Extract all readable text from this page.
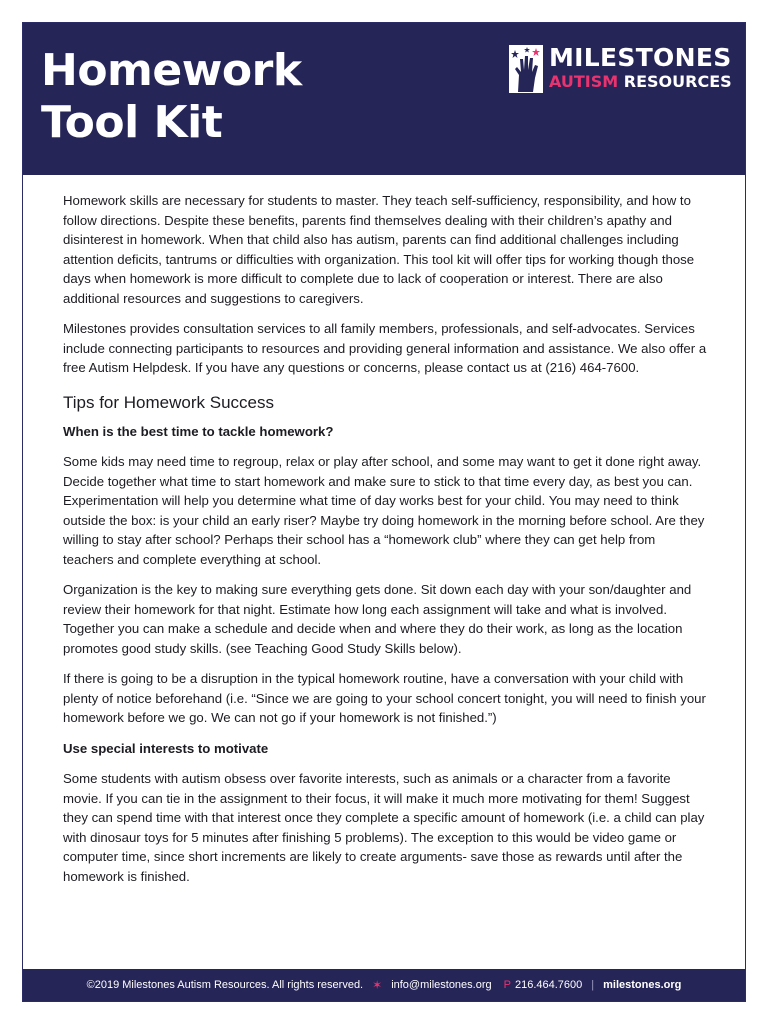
Homework
Tool Kit
MILESTONES
AUTISM RESOURCES

Homework skills are necessary for students to master. They teach self-sufficiency, responsibility, and how to follow directions. Despite these benefits, parents find themselves dealing with their children’s apathy and disinterest in homework. When that child also has autism, parents can find additional challenges including attention deficits, tantrums or difficulties with organization. This tool kit will offer tips for working though those days when homework is more difficult to complete due to lack of cooperation or interest. There are also additional resources and suggestions to caregivers.

Milestones provides consultation services to all family members, professionals, and self-advocates. Services include connecting participants to resources and providing general information and assistance. We also offer a free Autism Helpdesk. If you have any questions or concerns, please contact us at (216) 464-7600.

Tips for Homework Success

When is the best time to tackle homework?

Some kids may need time to regroup, relax or play after school, and some may want to get it done right away. Decide together what time to start homework and make sure to stick to that time every day, as best you can. Experimentation will help you determine what time of day works best for your child. You may need to think outside the box: is your child an early riser? Maybe try doing homework in the morning before school. Are they willing to stay after school? Perhaps their school has a “homework club” where they can get help from teachers and complete everything at school.

Organization is the key to making sure everything gets done. Sit down each day with your son/daughter and review their homework for that night. Estimate how long each assignment will take and what is involved. Together you can make a schedule and decide when and where they do their work, as long as the location promotes good study skills. (see Teaching Good Study Skills below).

If there is going to be a disruption in the typical homework routine, have a conversation with your child with plenty of notice beforehand (i.e. “Since we are going to your school concert tonight, you will need to finish your homework before we go. We can not go if your homework is not finished.”)

Use special interests to motivate

Some students with autism obsess over favorite interests, such as animals or a character from a favorite movie. If you can tie in the assignment to their focus, it will make it much more motivating for them! Suggest they can spend time with that interest once they complete a specific amount of homework (i.e. a child can play with dinosaur toys for 5 minutes after finishing 5 problems). The exception to this would be video game or computer time, since short increments are likely to create arguments- save those as rewards until after the homework is finished.

©2019 Milestones Autism Resources. All rights reserved. ✶ info@milestones.org P 216.464.7600 | milestones.org
